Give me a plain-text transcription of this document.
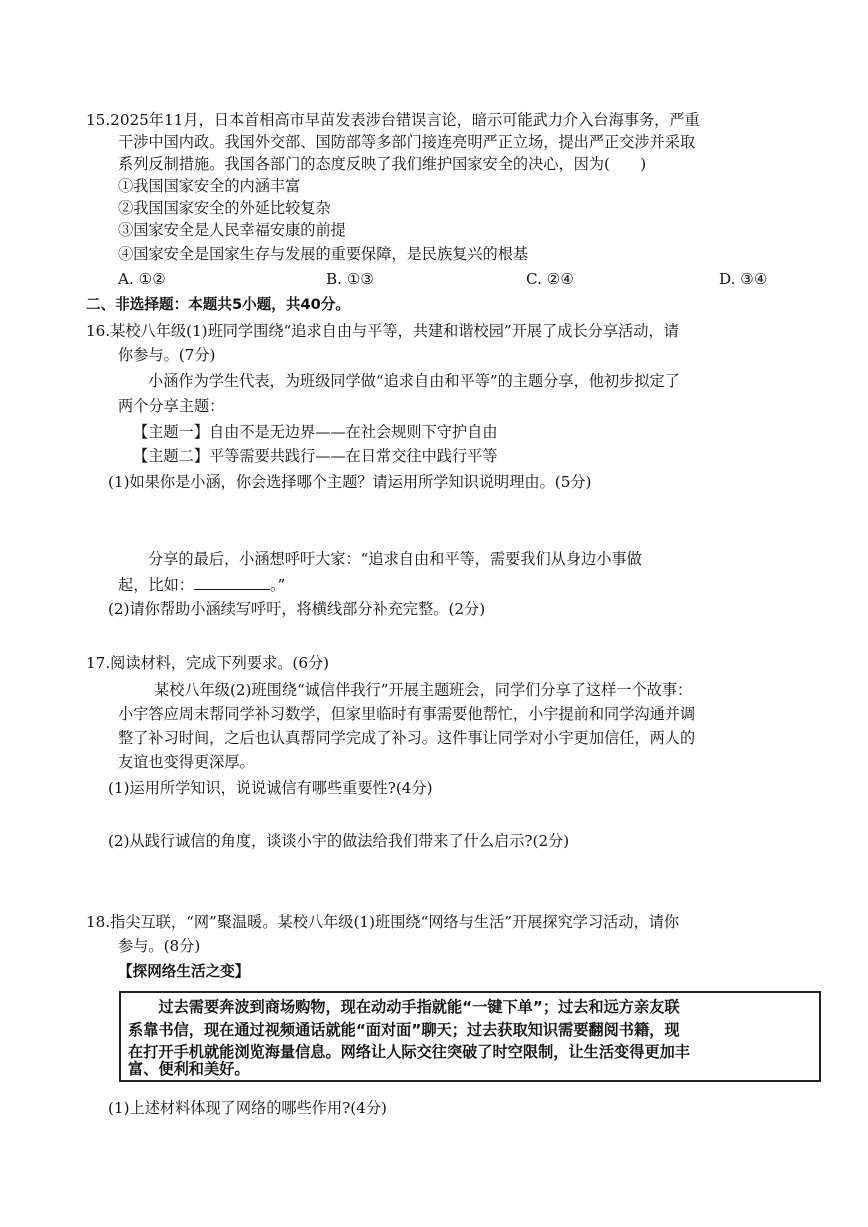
15.2025年11月，日本首相高市早苗发表涉台错误言论，暗示可能武力介入台海事务，严重
干涉中国内政。我国外交部、国防部等多部门接连亮明严正立场，提出严正交涉并采取
系列反制措施。我国各部门的态度反映了我们维护国家安全的决心，因为(　　)
①我国国家安全的内涵丰富
②我国国家安全的外延比较复杂
③国家安全是人民幸福安康的前提
④国家安全是国家生存与发展的重要保障，是民族复兴的根基
A. ①②	B. ①③	C. ②④	D. ③④
二、非选择题：本题共5小题，共40分。
16.某校八年级(1)班同学围绕“追求自由与平等，共建和谐校园”开展了成长分享活动，请
你参与。(7分)
小涵作为学生代表，为班级同学做“追求自由和平等”的主题分享，他初步拟定了
两个分享主题：
【主题一】自由不是无边界——在社会规则下守护自由
【主题二】平等需要共践行——在日常交往中践行平等
(1)如果你是小涵，你会选择哪个主题？请运用所学知识说明理由。(5分)
分享的最后，小涵想呼吁大家：“追求自由和平等，需要我们从身边小事做
起，比如：	。”
(2)请你帮助小涵续写呼吁，将横线部分补充完整。(2分)
17.阅读材料，完成下列要求。(6分)
某校八年级(2)班围绕“诚信伴我行”开展主题班会，同学们分享了这样一个故事：
小宇答应周末帮同学补习数学，但家里临时有事需要他帮忙，小宇提前和同学沟通并调
整了补习时间，之后也认真帮同学完成了补习。这件事让同学对小宇更加信任，两人的
友谊也变得更深厚。
(1)运用所学知识，说说诚信有哪些重要性?(4分)
(2)从践行诚信的角度，谈谈小宇的做法给我们带来了什么启示?(2分)
18.指尖互联，“网”聚温暖。某校八年级(1)班围绕“网络与生活”开展探究学习活动，请你
参与。(8分)
【探网络生活之变】
　　过去需要奔波到商场购物，现在动动手指就能“一键下单”；过去和远方亲友联
系靠书信，现在通过视频通话就能“面对面”聊天；过去获取知识需要翻阅书籍，现
在打开手机就能浏览海量信息。网络让人际交往突破了时空限制，让生活变得更加丰
富、便利和美好。
(1)上述材料体现了网络的哪些作用?(4分)
